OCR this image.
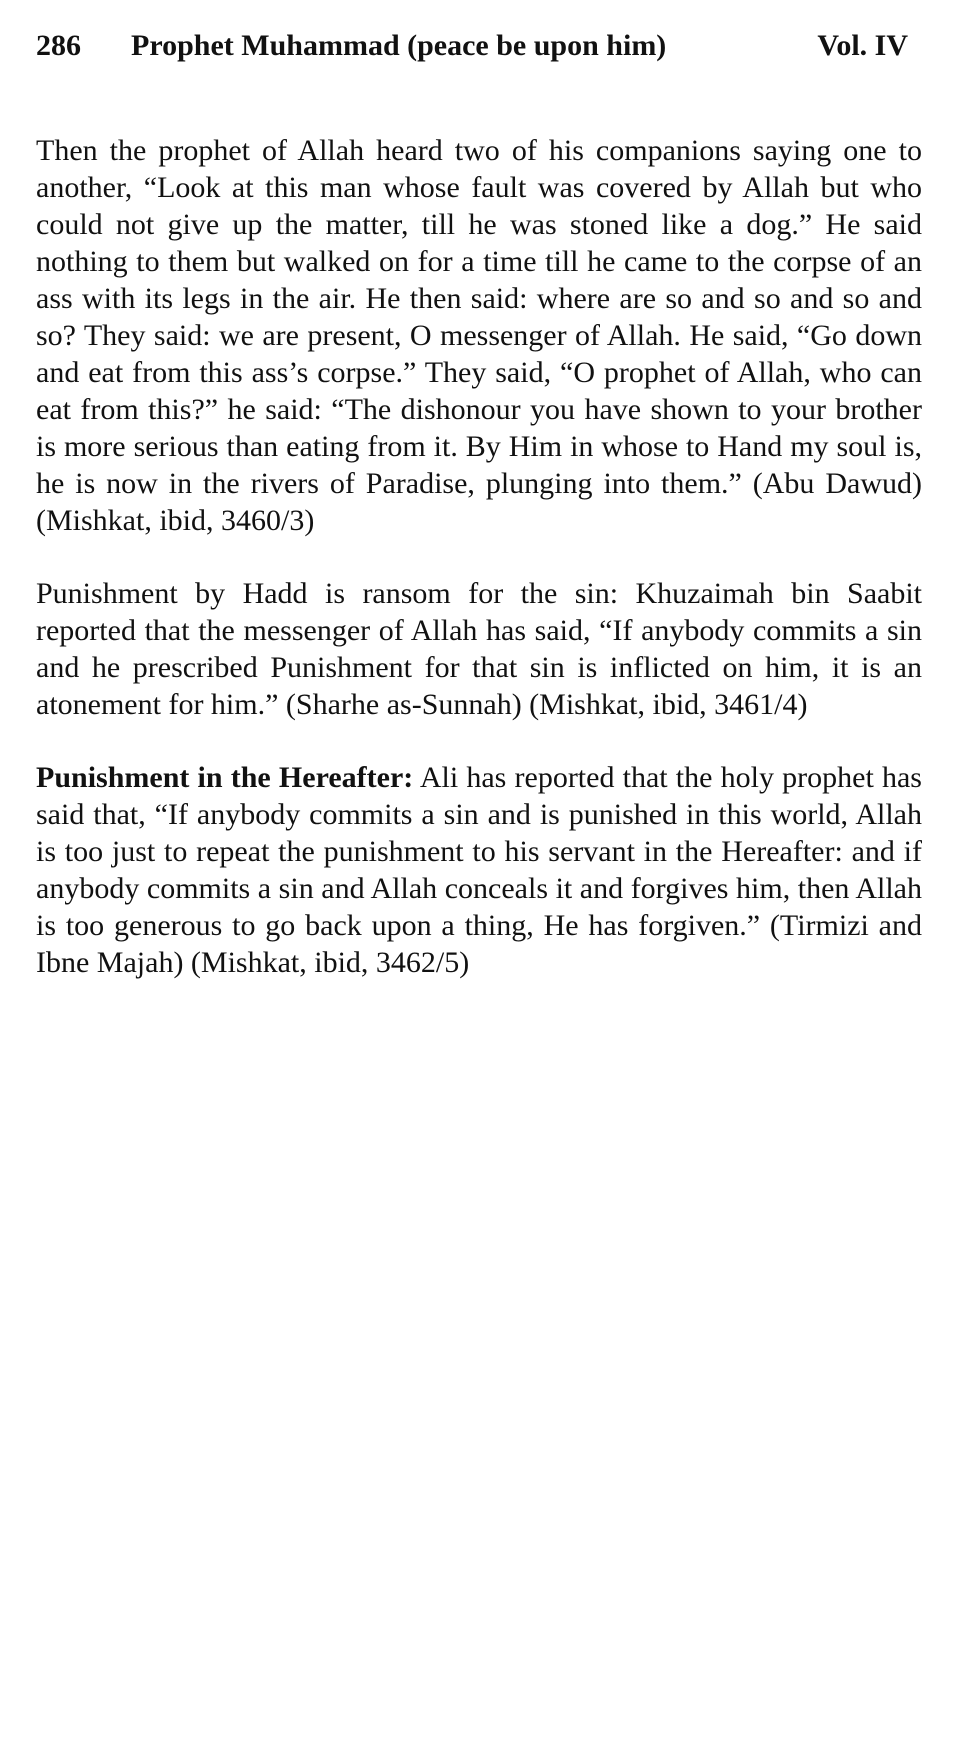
286	Prophet Muhammad (peace be upon him)	Vol. IV

Then the prophet of Allah heard two of his companions saying one to another, “Look at this man whose fault was covered by Allah but who could not give up the matter, till he was stoned like a dog.” He said nothing to them but walked on for a time till he came to the corpse of an ass with its legs in the air. He then said: where are so and so and so and so? They said: we are present, O messenger of Allah. He said, “Go down and eat from this ass’s corpse.” They said, “O prophet of Allah, who can eat from this?” he said: “The dishonour you have shown to your brother is more serious than eating from it. By Him in whose to Hand my soul is, he is now in the rivers of Paradise, plunging into them.” (Abu Dawud) (Mishkat, ibid, 3460/3)

Punishment by Hadd is ransom for the sin: Khuzaimah bin Saabit reported that the messenger of Allah has said, “If anybody commits a sin and he prescribed Punishment for that sin is inflicted on him, it is an atonement for him.” (Sharhe as-Sunnah) (Mishkat, ibid, 3461/4)

Punishment in the Hereafter: Ali has reported that the holy prophet has said that, “If anybody commits a sin and is punished in this world, Allah is too just to repeat the punishment to his servant in the Hereafter: and if anybody commits a sin and Allah conceals it and forgives him, then Allah is too generous to go back upon a thing, He has forgiven.” (Tirmizi and Ibne Majah) (Mishkat, ibid, 3462/5)
